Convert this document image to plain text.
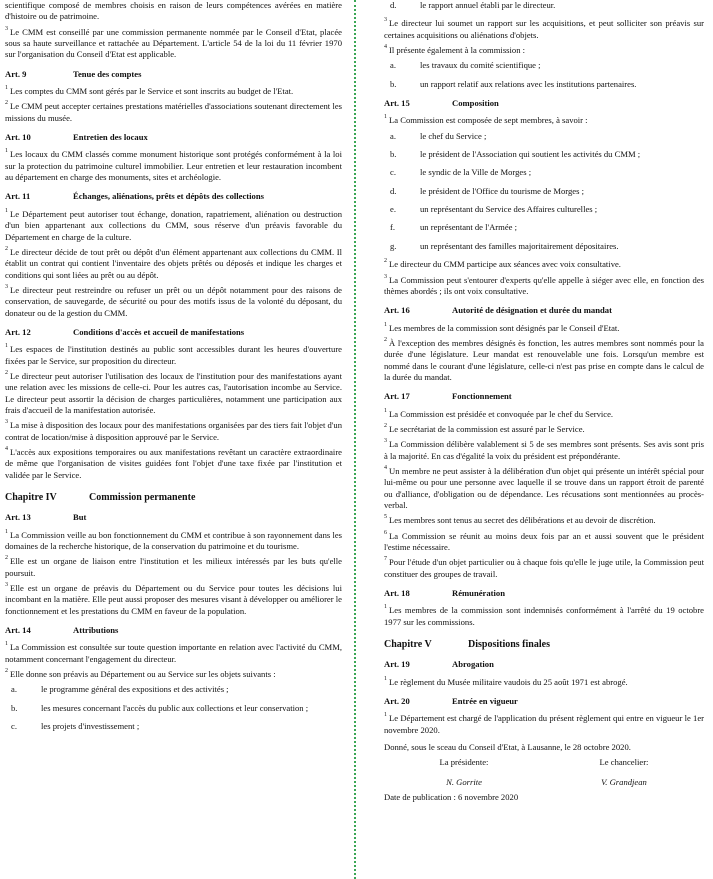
scientifique composé de membres choisis en raison de leurs compétences avérées en matière d'histoire ou de patrimoine.

$^3$ Le CMM est conseillé par une commission permanente nommée par le Conseil d'Etat, placée sous sa haute surveillance et rattachée au Département. L'article 54 de la loi du 11 février 1970 sur l'organisation du Conseil d'Etat est applicable.

Art. 9	Tenue des comptes

$^1$ Les comptes du CMM sont gérés par le Service et sont inscrits au budget de l'Etat.

$^2$ Le CMM peut accepter certaines prestations matérielles d'associations soutenant directement les missions du musée.

Art. 10	Entretien des locaux

$^1$ Les locaux du CMM classés comme monument historique sont protégés conformément à la loi sur la protection du patrimoine culturel immobilier. Leur entretien et leur restauration incombent au département en charge des monuments, sites et archéologie.

Art. 11	Échanges, aliénations, prêts et dépôts des collections

$^1$ Le Département peut autoriser tout échange, donation, rapatriement, aliénation ou destruction d'un bien appartenant aux collections du CMM, sous réserve d'un préavis favorable du Département en charge de la culture.

$^2$ Le directeur décide de tout prêt ou dépôt d'un élément appartenant aux collections du CMM. Il établit un contrat qui contient l'inventaire des objets prêtés ou déposés et indique les charges et conditions qui sont liées au prêt ou au dépôt.

$^3$ Le directeur peut restreindre ou refuser un prêt ou un dépôt notamment pour des raisons de conservation, de sauvegarde, de sécurité ou pour des motifs issus de la volonté du déposant, du donateur ou de la gestion du CMM.

Art. 12	Conditions d'accès et accueil de manifestations

$^1$ Les espaces de l'institution destinés au public sont accessibles durant les heures d'ouverture fixées par le Service, sur proposition du directeur.

$^2$ Le directeur peut autoriser l'utilisation des locaux de l'institution pour des manifestations ayant une relation avec les missions de celle-ci. Pour les autres cas, l'autorisation incombe au Service. Le directeur peut assortir la décision de charges particulières, notamment une participation aux frais d'accueil de la manifestation autorisée.

$^3$ La mise à disposition des locaux pour des manifestations organisées par des tiers fait l'objet d'un contrat de location/mise à disposition approuvé par le Service.

$^4$ L'accès aux expositions temporaires ou aux manifestations revêtant un caractère extraordinaire de même que l'organisation de visites guidées font l'objet d'une taxe fixée par l'institution et validée par le Service.

Chapitre IV	Commission permanente
Art. 13	But

$^1$ La Commission veille au bon fonctionnement du CMM et contribue à son rayonnement dans les domaines de la recherche historique, de la conservation du patrimoine et du tourisme.

$^2$ Elle est un organe de liaison entre l'institution et les milieux intéressés par les buts qu'elle poursuit.

$^3$ Elle est un organe de préavis du Département ou du Service pour toutes les décisions lui incombant en la matière. Elle peut aussi proposer des mesures visant à développer ou améliorer le fonctionnement et les prestations du CMM en faveur de la population.

Art. 14	Attributions

$^1$ La Commission est consultée sur toute question importante en relation avec l'activité du CMM, notamment concernant l'engagement du directeur.

$^2$ Elle donne son préavis au Département ou au Service sur les objets suivants :

a.	le programme général des expositions et des activités ;
b.	les mesures concernant l'accès du public aux collections et leur conservation ;
c.	les projets d'investissement ;
d.	le rapport annuel établi par le directeur.

$^3$ Le directeur lui soumet un rapport sur les acquisitions, et peut solliciter son préavis sur certaines acquisitions ou aliénations d'objets.

$^4$ Il présente également à la commission :

a.	les travaux du comité scientifique ;
b.	un rapport relatif aux relations avec les institutions partenaires.
Art. 15	Composition

$^1$ La Commission est composée de sept membres, à savoir :

a.	le chef du Service ;
b.	le président de l'Association qui soutient les activités du CMM ;
c.	le syndic de la Ville de Morges ;
d.	le président de l'Office du tourisme de Morges ;
e.	un représentant du Service des Affaires culturelles ;
f.	un représentant de l'Armée ;
g.	un représentant des familles majoritairement dépositaires.

$^2$ Le directeur du CMM participe aux séances avec voix consultative.

$^3$ La Commission peut s'entourer d'experts qu'elle appelle à siéger avec elle, en fonction des thèmes abordés ; ils ont voix consultative.

Art. 16	Autorité de désignation et durée du mandat

$^1$ Les membres de la commission sont désignés par le Conseil d'Etat.

$^2$ À l'exception des membres désignés ès fonction, les autres membres sont nommés pour la durée d'une législature. Leur mandat est renouvelable une fois. Lorsqu'un membre est nommé dans le courant d'une législature, celle-ci n'est pas prise en compte dans le calcul de la durée du mandat.

Art. 17	Fonctionnement

$^1$ La Commission est présidée et convoquée par le chef du Service.

$^2$ Le secrétariat de la commission est assuré par le Service.

$^3$ La Commission délibère valablement si 5 de ses membres sont présents. Ses avis sont pris à la majorité. En cas d'égalité la voix du président est prépondérante.

$^4$ Un membre ne peut assister à la délibération d'un objet qui présente un intérêt spécial pour lui-même ou pour une personne avec laquelle il se trouve dans un rapport étroit de parenté ou d'alliance, d'obligation ou de dépendance. Les récusations sont mentionnées au procès-verbal.

$^5$ Les membres sont tenus au secret des délibérations et au devoir de discrétion.

$^6$ La Commission se réunit au moins deux fois par an et aussi souvent que le président l'estime nécessaire.

$^7$ Pour l'étude d'un objet particulier ou à chaque fois qu'elle le juge utile, la Commission peut constituer des groupes de travail.

Art. 18	Rémunération

$^1$ Les membres de la commission sont indemnisés conformément à l'arrêté du 19 octobre 1977 sur les commissions.

Chapitre V	Dispositions finales
Art. 19	Abrogation

$^1$ Le règlement du Musée militaire vaudois du 25 août 1971 est abrogé.

Art. 20	Entrée en vigueur

$^1$ Le Département est chargé de l'application du présent règlement qui entre en vigueur le 1er novembre 2020.

Donné, sous le sceau du Conseil d'Etat, à Lausanne, le 28 octobre 2020.

La présidente:	Le chancelier:
N. Gorrite	V. Grandjean

Date de publication : 6 novembre 2020
